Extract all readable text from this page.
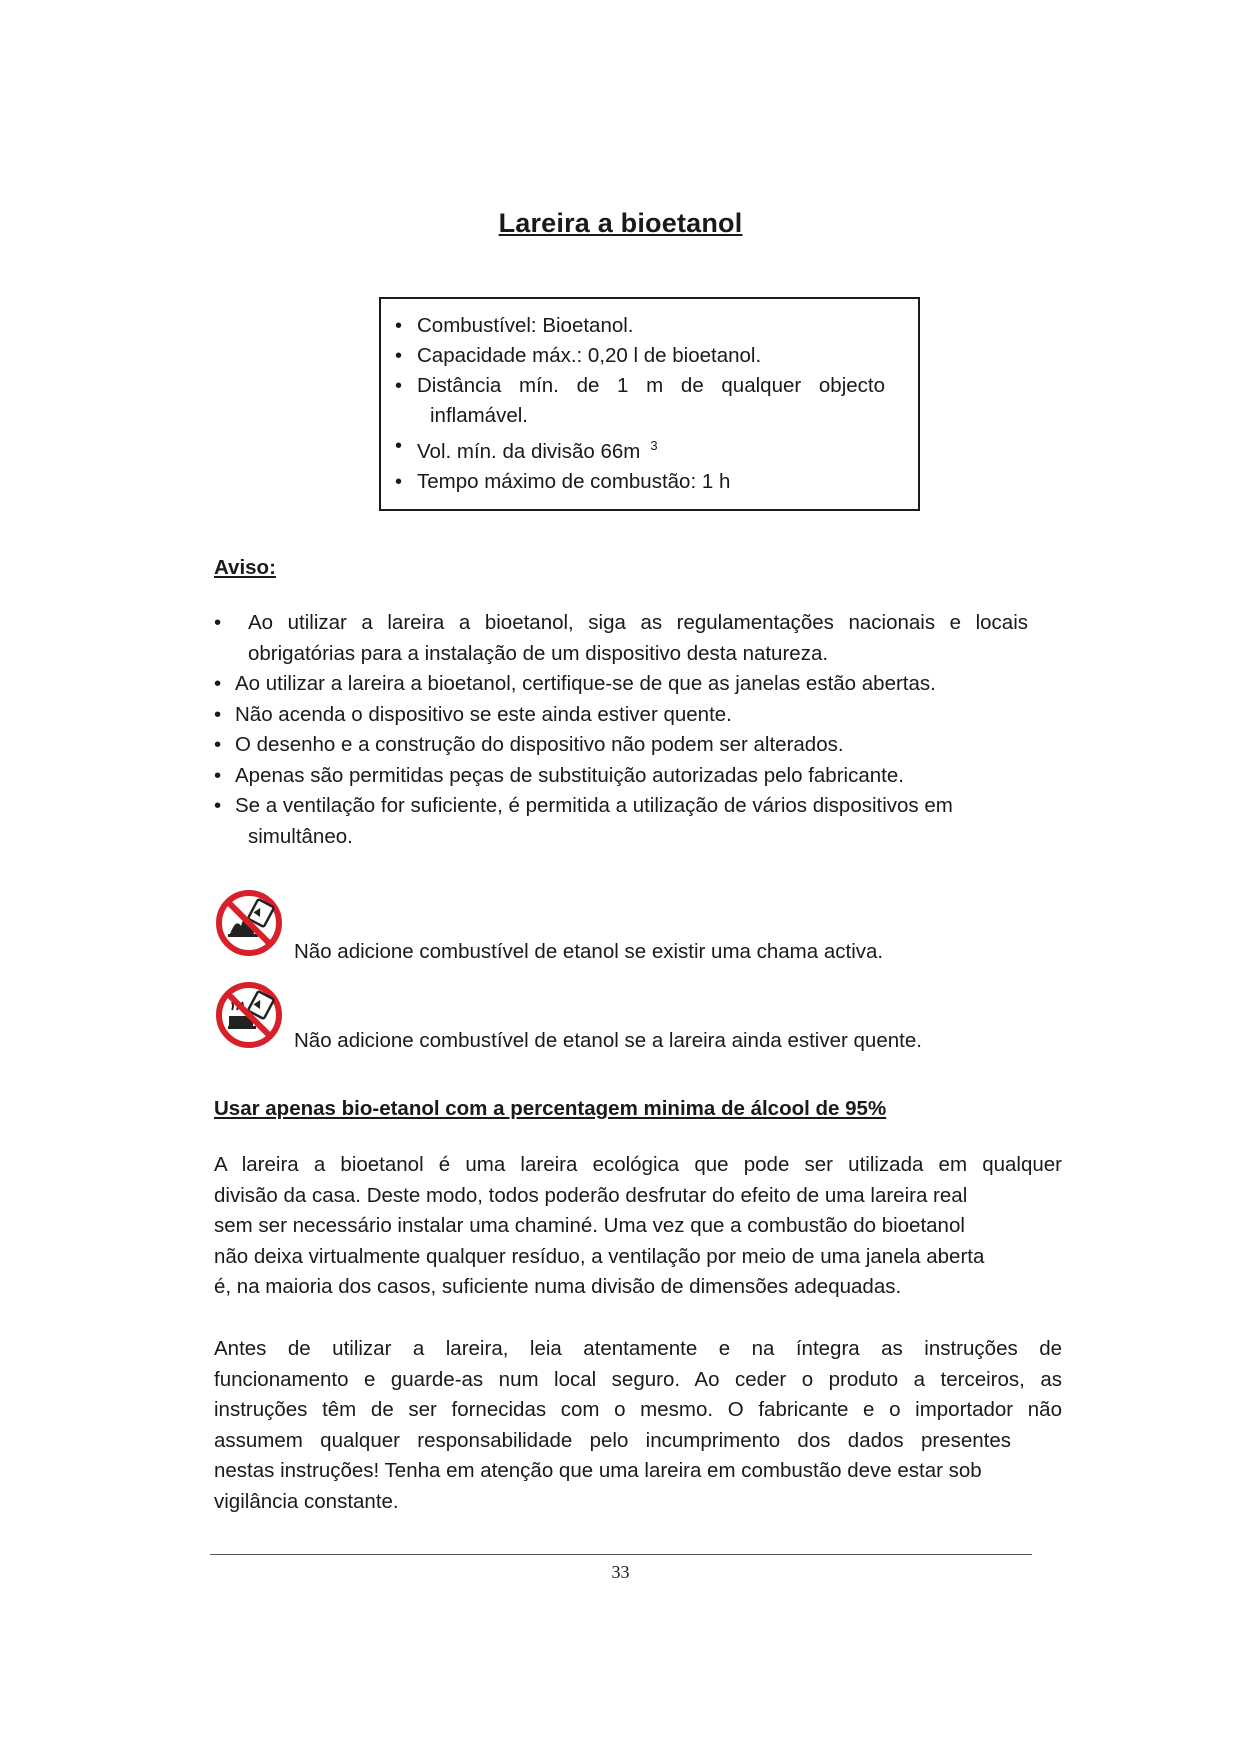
Lareira a bioetanol
• Combustível: Bioetanol.
• Capacidade máx.: 0,20 l de bioetanol.
• Distância mín. de 1 m de qualquer objecto
inflamável.
• Vol. mín. da divisão 66m $^3$
• Tempo máximo de combustão: 1 h
Aviso:
• Ao utilizar a lareira a bioetanol, siga as regulamentações nacionais e locais
obrigatórias para a instalação de um dispositivo desta natureza.
• Ao utilizar a lareira a bioetanol, certifique-se de que as janelas estão abertas.
• Não acenda o dispositivo se este ainda estiver quente.
• O desenho e a construção do dispositivo não podem ser alterados.
• Apenas são permitidas peças de substituição autorizadas pelo fabricante.
• Se a ventilação for suficiente, é permitida a utilização de vários dispositivos em
simultâneo.
Não adicione combustível de etanol se existir uma chama activa.
Não adicione combustível de etanol se a lareira ainda estiver quente.
Usar apenas bio-etanol com a percentagem minima de álcool de 95%
A lareira a bioetanol é uma lareira ecológica que pode ser utilizada em qualquer
divisão da casa. Deste modo, todos poderão desfrutar do efeito de uma lareira real
sem ser necessário instalar uma chaminé. Uma vez que a combustão do bioetanol
não deixa virtualmente qualquer resíduo, a ventilação por meio de uma janela aberta
é, na maioria dos casos, suficiente numa divisão de dimensões adequadas.
Antes de utilizar a lareira, leia atentamente e na íntegra as instruções de
funcionamento e guarde-as num local seguro. Ao ceder o produto a terceiros, as
instruções têm de ser fornecidas com o mesmo. O fabricante e o importador não
assumem qualquer responsabilidade pelo incumprimento dos dados presentes
nestas instruções! Tenha em atenção que uma lareira em combustão deve estar sob
vigilância constante.
33
